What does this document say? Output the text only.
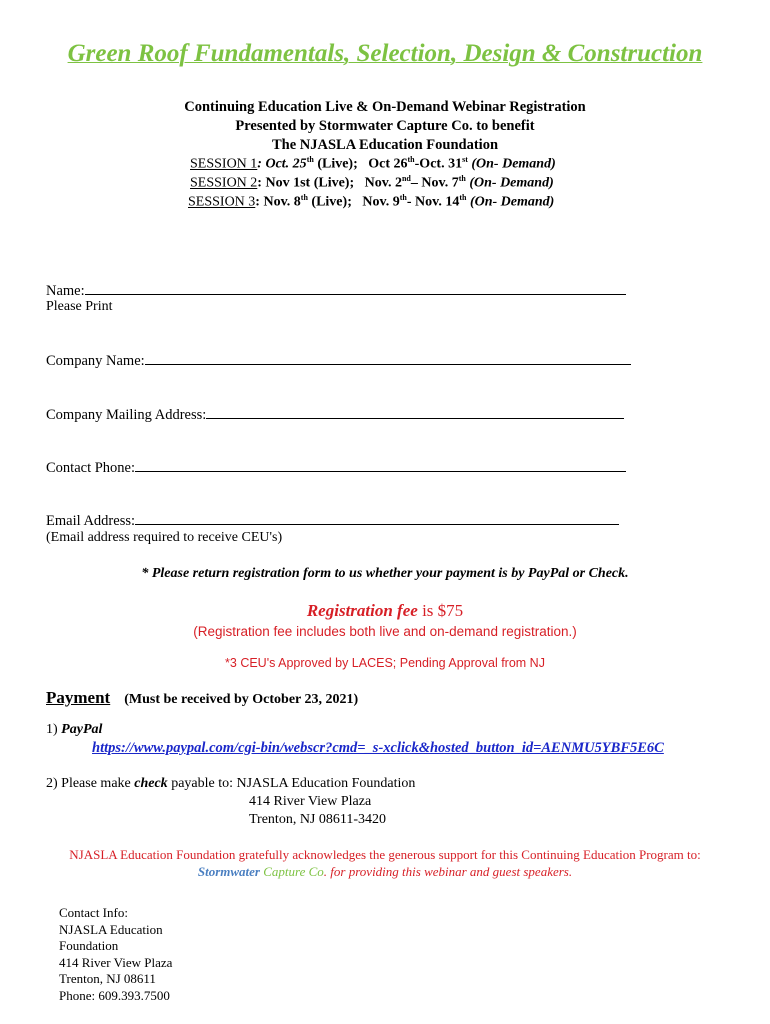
Green Roof Fundamentals, Selection, Design & Construction
Continuing Education Live & On-Demand Webinar Registration
Presented by Stormwater Capture Co. to benefit
The NJASLA Education Foundation
SESSION 1: Oct. 25th (Live); Oct 26th-Oct. 31st (On- Demand)
SESSION 2: Nov 1st (Live); Nov. 2nd– Nov. 7th (On- Demand)
SESSION 3: Nov. 8th (Live); Nov. 9th- Nov. 14th (On- Demand)
Name:
Please Print
Company Name:
Company Mailing Address:
Contact Phone:
Email Address:
(Email address required to receive CEU's)
* Please return registration form to us whether your payment is by PayPal or Check.
Registration fee is $75
(Registration fee includes both live and on-demand registration.)
*3 CEU's Approved by LACES; Pending Approval from NJ
Payment (Must be received by October 23, 2021)
1) PayPal
https://www.paypal.com/cgi-bin/webscr?cmd=_s-xclick&hosted_button_id=AENMU5YBF5E6C
2) Please make check payable to: NJASLA Education Foundation
414 River View Plaza
Trenton, NJ 08611-3420
NJASLA Education Foundation gratefully acknowledges the generous support for this Continuing Education Program to:
Stormwater Capture Co. for providing this webinar and guest speakers.
Contact Info:
NJASLA Education
Foundation
414 River View Plaza
Trenton, NJ 08611
Phone: 609.393.7500
